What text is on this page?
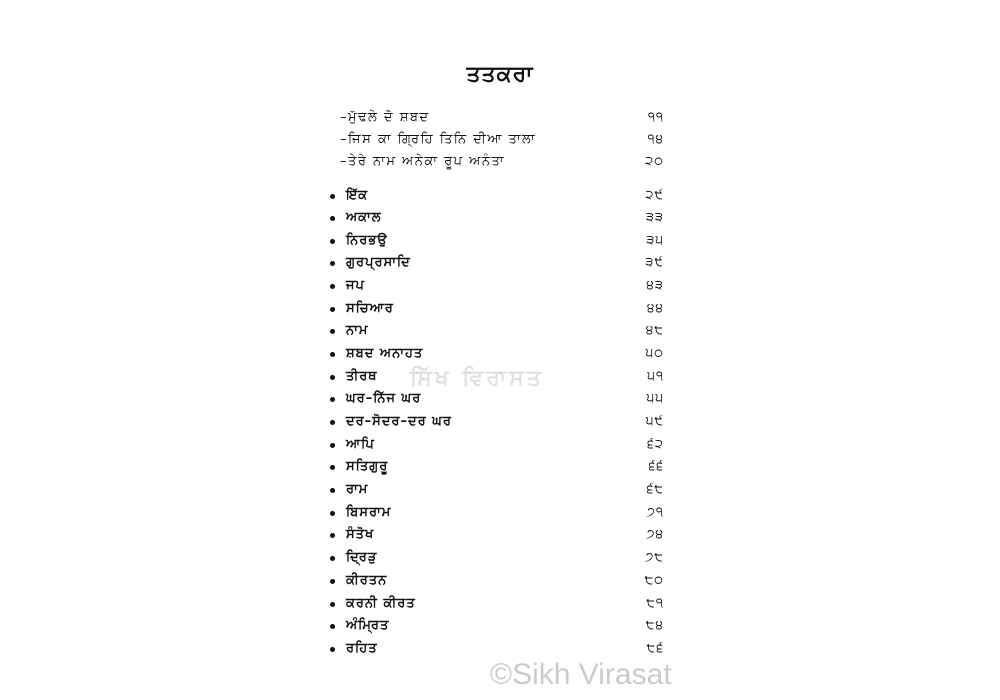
ਤਤਕਰਾ
–ਮੁੱਢਲੇ ਦੋ ਸ਼ਬਦ	੧੧
–ਜਿਸ ਕਾ ਗ੍ਰਿਹਿ ਤਿਨਿ ਦੀਆ ਤਾਲਾ	੧੪
–ਤੇਰੇ ਨਾਮ ਅਨੇਕਾ ਰੂਪ ਅਨੰਤਾ	੨੦
ਇੱਕ	੨੯
ਅਕਾਲ	੩੩
ਨਿਰਭਉ	੩੫
ਗੁਰਪ੍ਰਸਾਦਿ	੩੯
ਜਪ	੪੩
ਸਚਿਆਰ	੪੪
ਨਾਮ	੪੮
ਸ਼ਬਦ ਅਨਾਹਤ	੫੦
ਤੀਰਥ	੫੧
ਘਰ–ਨਿੱਜ ਘਰ	੫੫
ਦਰ–ਸੋਦਰ–ਦਰ ਘਰ	੫੯
ਆਪਿ	੬੨
ਸਤਿਗੁਰੂ	੬੬
ਰਾਮ	੬੮
ਬਿਸਰਾਮ	੭੧
ਸੰਤੋਖ	੭੪
ਦ੍ਰਿੜੁ	੭੮
ਕੀਰਤਨ	੮੦
ਕਰਨੀ ਕੀਰਤ	੮੧
ਅੰਮ੍ਰਿਤ	੮੪
ਰਹਿਤ	੮੬
ਸਿੱਖ ਵਿਰਾਸਤ
©Sikh Virasat
